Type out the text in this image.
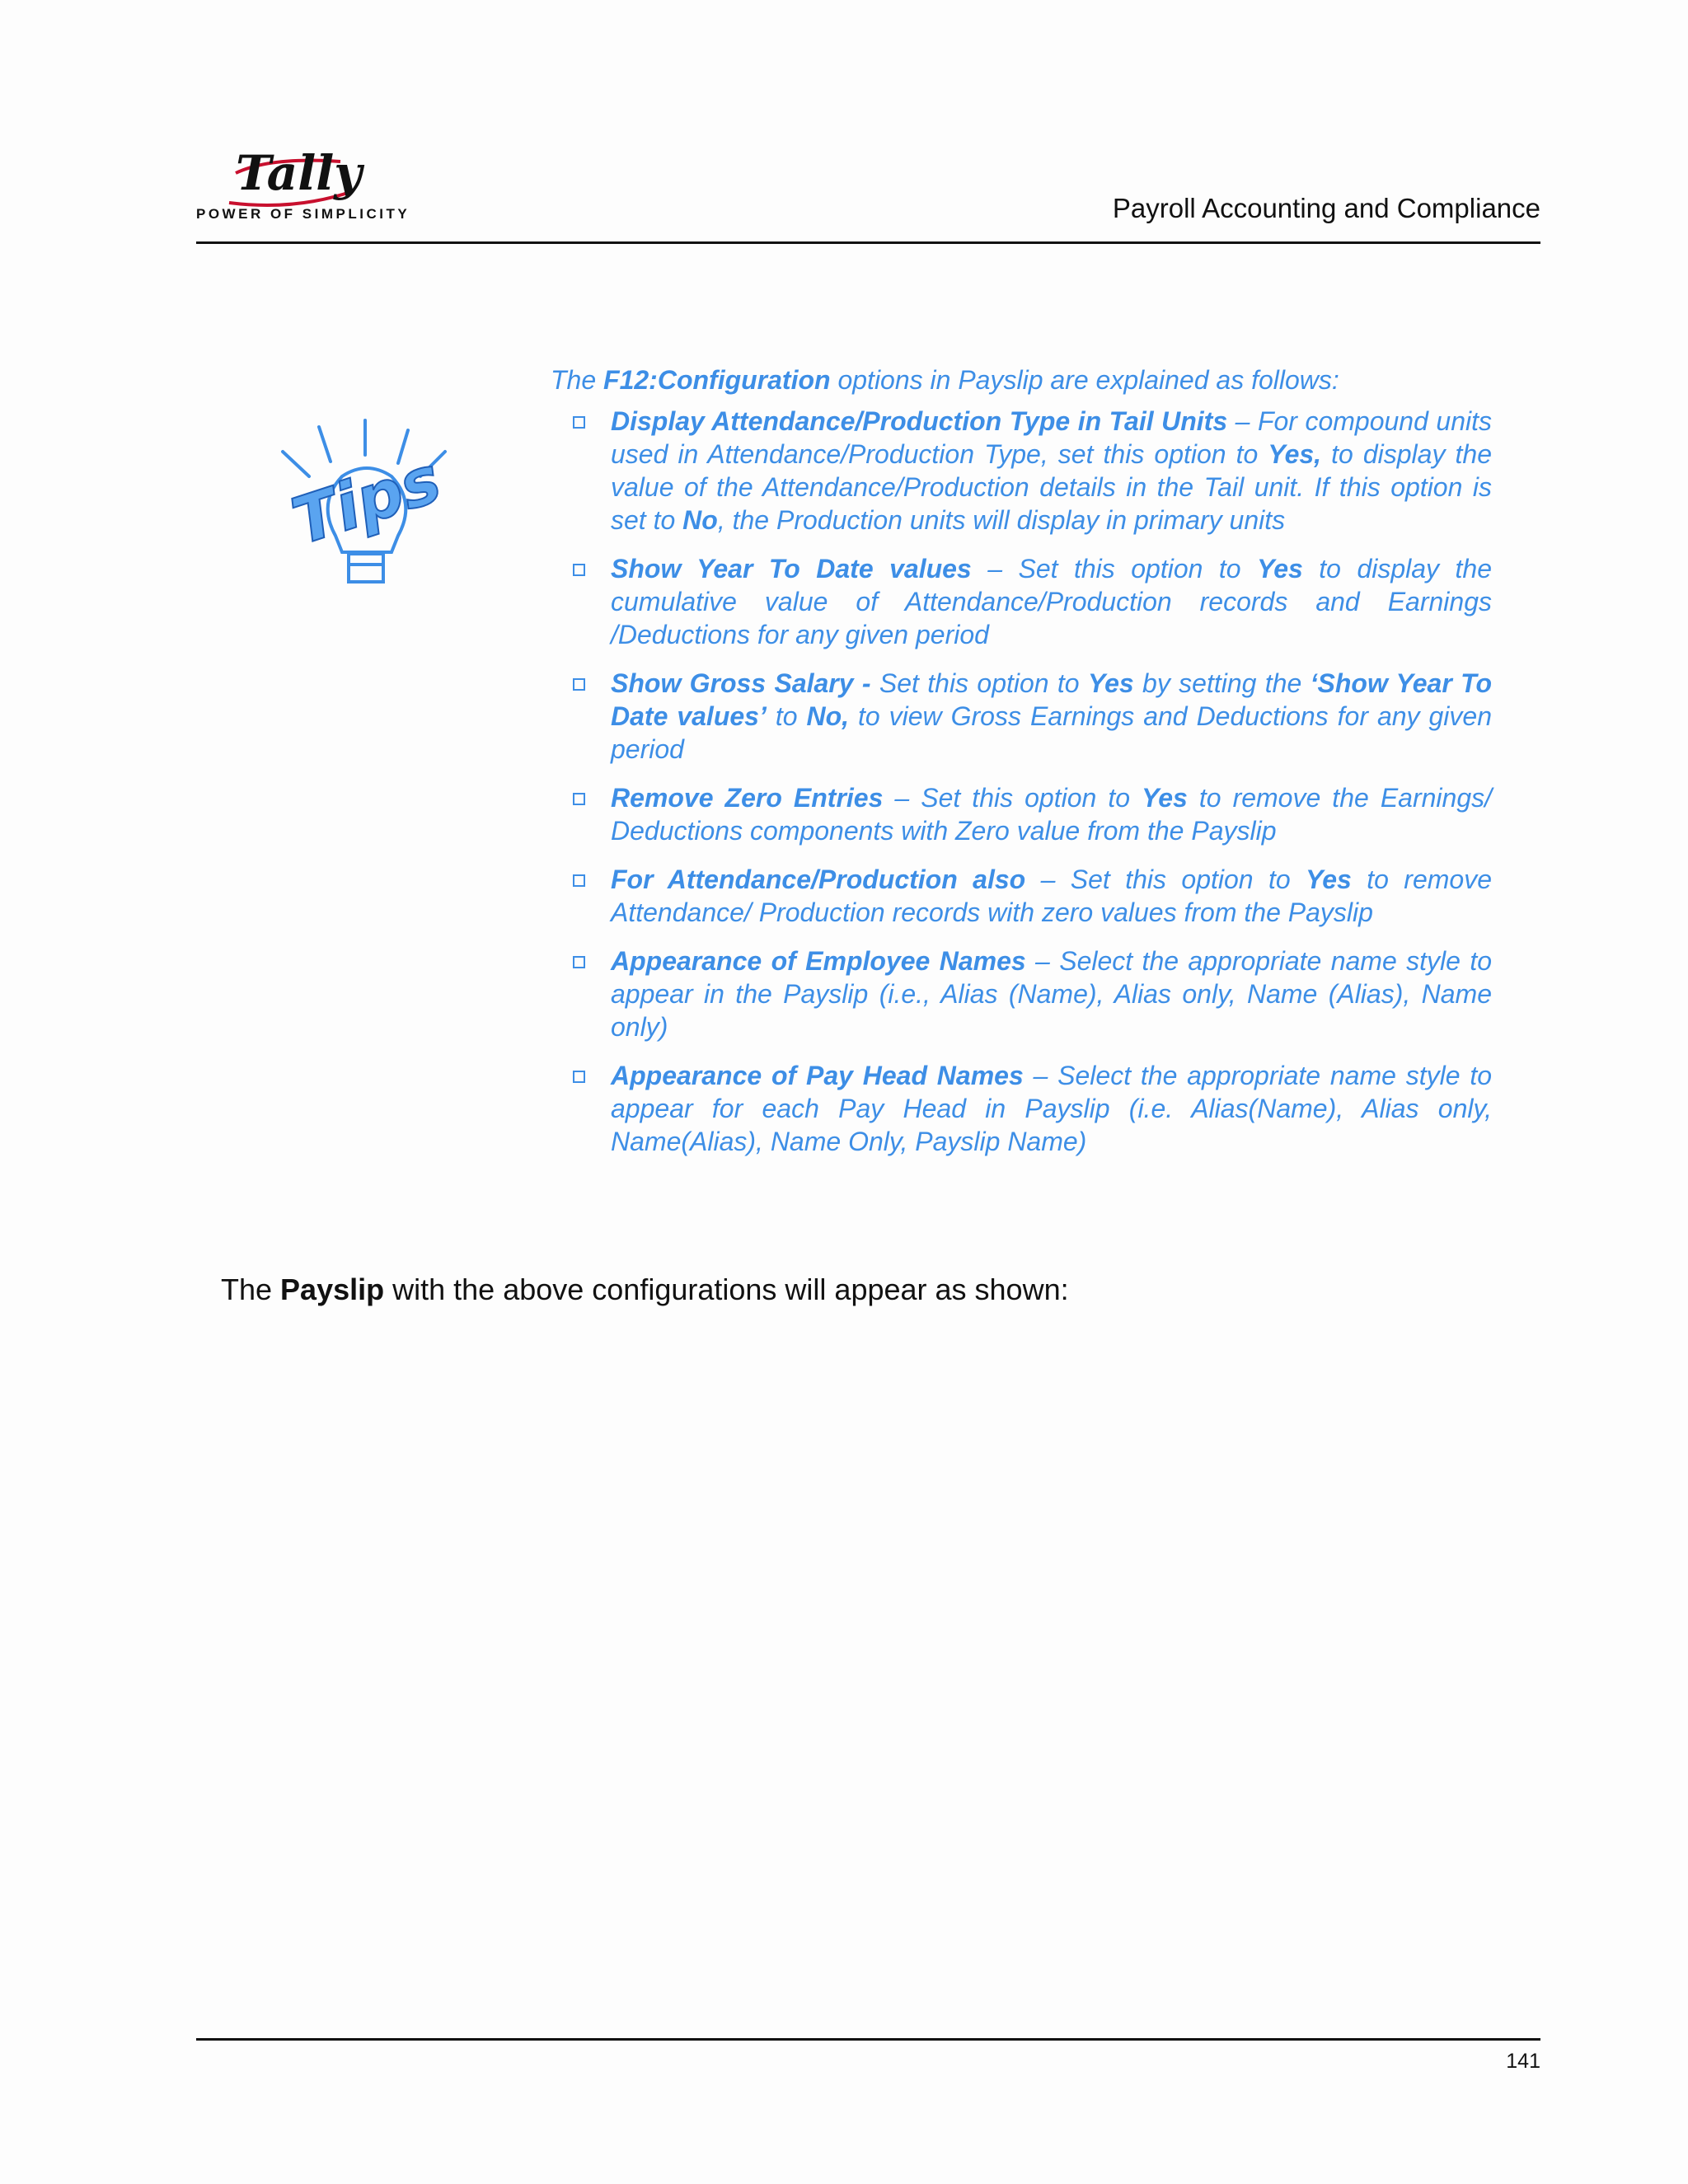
Tally
POWER OF SIMPLICITY	Payroll Accounting and Compliance
Tips

The F12:Configuration options in Payslip are explained as follows:

Display Attendance/Production Type in Tail Units – For compound units used in Attendance/Production Type, set this option to Yes, to display the value of the Attendance/Production details in the Tail unit. If this option is set to No, the Production units will display in primary units
Show Year To Date values – Set this option to Yes to display the cumulative value of Attendance/Production records and Earnings /Deductions for any given period
Show Gross Salary - Set this option to Yes by setting the ‘Show Year To Date values’ to No, to view Gross Earnings and Deductions for any given period
Remove Zero Entries – Set this option to Yes to remove the Earnings/ Deductions components with Zero value from the Payslip
For Attendance/Production also – Set this option to Yes to remove Attendance/ Production records with zero values from the Payslip
Appearance of Employee Names – Select the appropriate name style to appear in the Payslip (i.e., Alias (Name), Alias only, Name (Alias), Name only)
Appearance of Pay Head Names – Select the appropriate name style to appear for each Pay Head in Payslip (i.e. Alias(Name), Alias only, Name(Alias), Name Only, Payslip Name)

The Payslip with the above configurations will appear as shown:

141
